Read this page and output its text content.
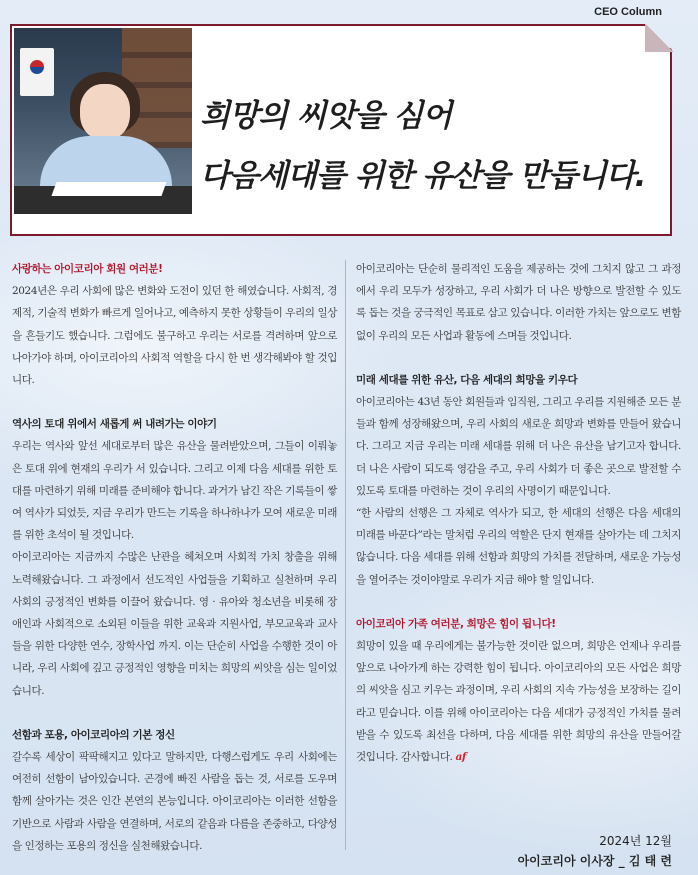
CEO Column
희망의 씨앗을 심어
다음세대를 위한 유산을 만듭니다.
사랑하는 아이코리아 회원 여러분!
2024년은 우리 사회에 많은 변화와 도전이 있던 한 해였습니다. 사회적, 경제적, 기술적 변화가 빠르게 일어나고, 예측하지 못한 상황들이 우리의 일상을 흔들기도 했습니다. 그럼에도 불구하고 우리는 서로를 격려하며 앞으로 나아가야 하며, 아이코리아의 사회적 역할을 다시 한 번 생각해봐야 할 것입니다.
역사의 토대 위에서 새롭게 써 내려가는 이야기
우리는 역사와 앞선 세대로부터 많은 유산을 물려받았으며, 그들이 이뤄놓은 토대 위에 현재의 우리가 서 있습니다. 그리고 이제 다음 세대를 위한 토대를 마련하기 위해 미래를 준비해야 합니다. 과거가 남긴 작은 기록들이 쌓여 역사가 되었듯, 지금 우리가 만드는 기록을 하나하나가 모여 새로운 미래를 위한 초석이 될 것입니다.
아이코리아는 지금까지 수많은 난관을 헤쳐오며 사회적 가치 창출을 위해 노력해왔습니다. 그 과정에서 선도적인 사업들을 기획하고 실천하며 우리 사회의 긍정적인 변화를 이끌어 왔습니다. 영 · 유아와 청소년을 비롯해 장애인과 사회적으로 소외된 이들을 위한 교육과 지원사업, 부모교육과 교사들을 위한 다양한 연수, 장학사업 까지. 이는 단순히 사업을 수행한 것이 아니라, 우리 사회에 깊고 긍정적인 영향을 미치는 희망의 씨앗을 심는 일이었습니다.
선함과 포용, 아이코리아의 기본 정신
갈수록 세상이 팍팍해지고 있다고 말하지만, 다행스럽게도 우리 사회에는 여전히 선함이 남아있습니다. 곤경에 빠진 사람을 돕는 것, 서로를 도우며 함께 살아가는 것은 인간 본연의 본능입니다. 아이코리아는 이러한 선함을 기반으로 사람과 사람을 연결하며, 서로의 같음과 다름을 존중하고, 다양성을 인정하는 포용의 정신을 실천해왔습니다.
아이코리아는 단순히 물리적인 도움을 제공하는 것에 그치지 않고 그 과정에서 우리 모두가 성장하고, 우리 사회가 더 나은 방향으로 발전할 수 있도록 돕는 것을 궁극적인 목표로 삼고 있습니다. 이러한 가치는 앞으로도 변함없이 우리의 모든 사업과 활동에 스며들 것입니다.
미래 세대를 위한 유산, 다음 세대의 희망을 키우다
아이코리아는 43년 동안 회원들과 임직원, 그리고 우리를 지원해준 모든 분들과 함께 성장해왔으며, 우리 사회의 새로운 희망과 변화를 만들어 왔습니다. 그리고 지금 우리는 미래 세대를 위해 더 나은 유산을 남기고자 합니다. 더 나은 사람이 되도록 영감을 주고, 우리 사회가 더 좋은 곳으로 발전할 수 있도록 토대를 마련하는 것이 우리의 사명이기 때문입니다.
“한 사람의 선행은 그 자체로 역사가 되고, 한 세대의 선행은 다음 세대의 미래를 바꾼다”라는 말처럼 우리의 역할은 단지 현재를 살아가는 데 그치지 않습니다. 다음 세대를 위해 선함과 희망의 가치를 전달하며, 새로운 가능성을 열어주는 것이야말로 우리가 지금 해야 할 일입니다.
아이코리아 가족 여러분, 희망은 힘이 됩니다!
희망이 있을 때 우리에게는 불가능한 것이란 없으며, 희망은 언제나 우리를 앞으로 나아가게 하는 강력한 힘이 됩니다. 아이코리아의 모든 사업은 희망의 씨앗을 심고 키우는 과정이며, 우리 사회의 지속 가능성을 보장하는 길이라고 믿습니다. 이를 위해 아이코리아는 다음 세대가 긍정적인 가치를 물려받을 수 있도록 최선을 다하며, 다음 세대를 위한 희망의 유산을 만들어갈 것입니다. 감사합니다. af
2024년 12월
아이코리아 이사장 _ 김 태 련
